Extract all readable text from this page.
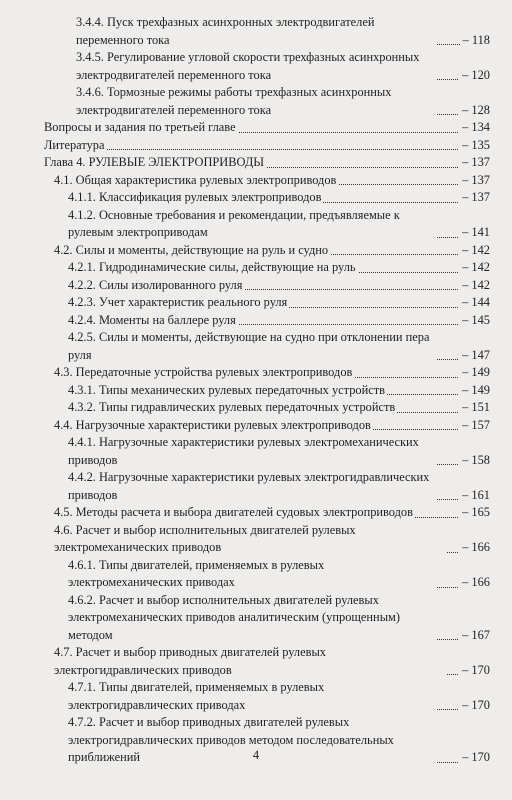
3.4.4. Пуск трехфазных асинхронных электродвигателей переменного тока	– 118
3.4.5. Регулирование угловой скорости трехфазных асинхронных электродвигателей переменного тока	– 120
3.4.6. Тормозные режимы работы трехфазных асинхронных электродвигателей переменного тока	– 128
Вопросы и задания по третьей главе	– 134
Литература	– 135
Глава 4. РУЛЕВЫЕ ЭЛЕКТРОПРИВОДЫ	– 137
4.1. Общая характеристика рулевых электроприводов	– 137
4.1.1. Классификация рулевых электроприводов	– 137
4.1.2. Основные требования и рекомендации, предъявляемые к рулевым электроприводам	– 141
4.2. Силы и моменты, действующие на руль и судно	– 142
4.2.1. Гидродинамические силы, действующие на руль	– 142
4.2.2. Силы изолированного руля	– 142
4.2.3. Учет характеристик реального руля	– 144
4.2.4. Моменты на баллере руля	– 145
4.2.5. Силы и моменты, действующие на судно при отклонении пера руля	– 147
4.3. Передаточные устройства рулевых электроприводов	– 149
4.3.1. Типы механических рулевых передаточных устройств	– 149
4.3.2. Типы гидравлических рулевых передаточных устройств	– 151
4.4. Нагрузочные характеристики рулевых электроприводов	– 157
4.4.1. Нагрузочные характеристики рулевых электромеханических приводов	– 158
4.4.2. Нагрузочные характеристики рулевых электрогидравлических приводов	– 161
4.5. Методы расчета и выбора двигателей судовых электроприводов	– 165
4.6. Расчет и выбор исполнительных двигателей рулевых электромеханических приводов	– 166
4.6.1. Типы двигателей, применяемых в рулевых электромеханических приводах	– 166
4.6.2. Расчет и выбор исполнительных двигателей рулевых электромеханических приводов аналитическим (упрощенным) методом	– 167
4.7. Расчет и выбор приводных двигателей рулевых электрогидравлических приводов	– 170
4.7.1. Типы двигателей, применяемых в рулевых электрогидравлических приводах	– 170
4.7.2. Расчет и выбор приводных двигателей рулевых электрогидравлических приводов методом последовательных приближений	– 170
4
